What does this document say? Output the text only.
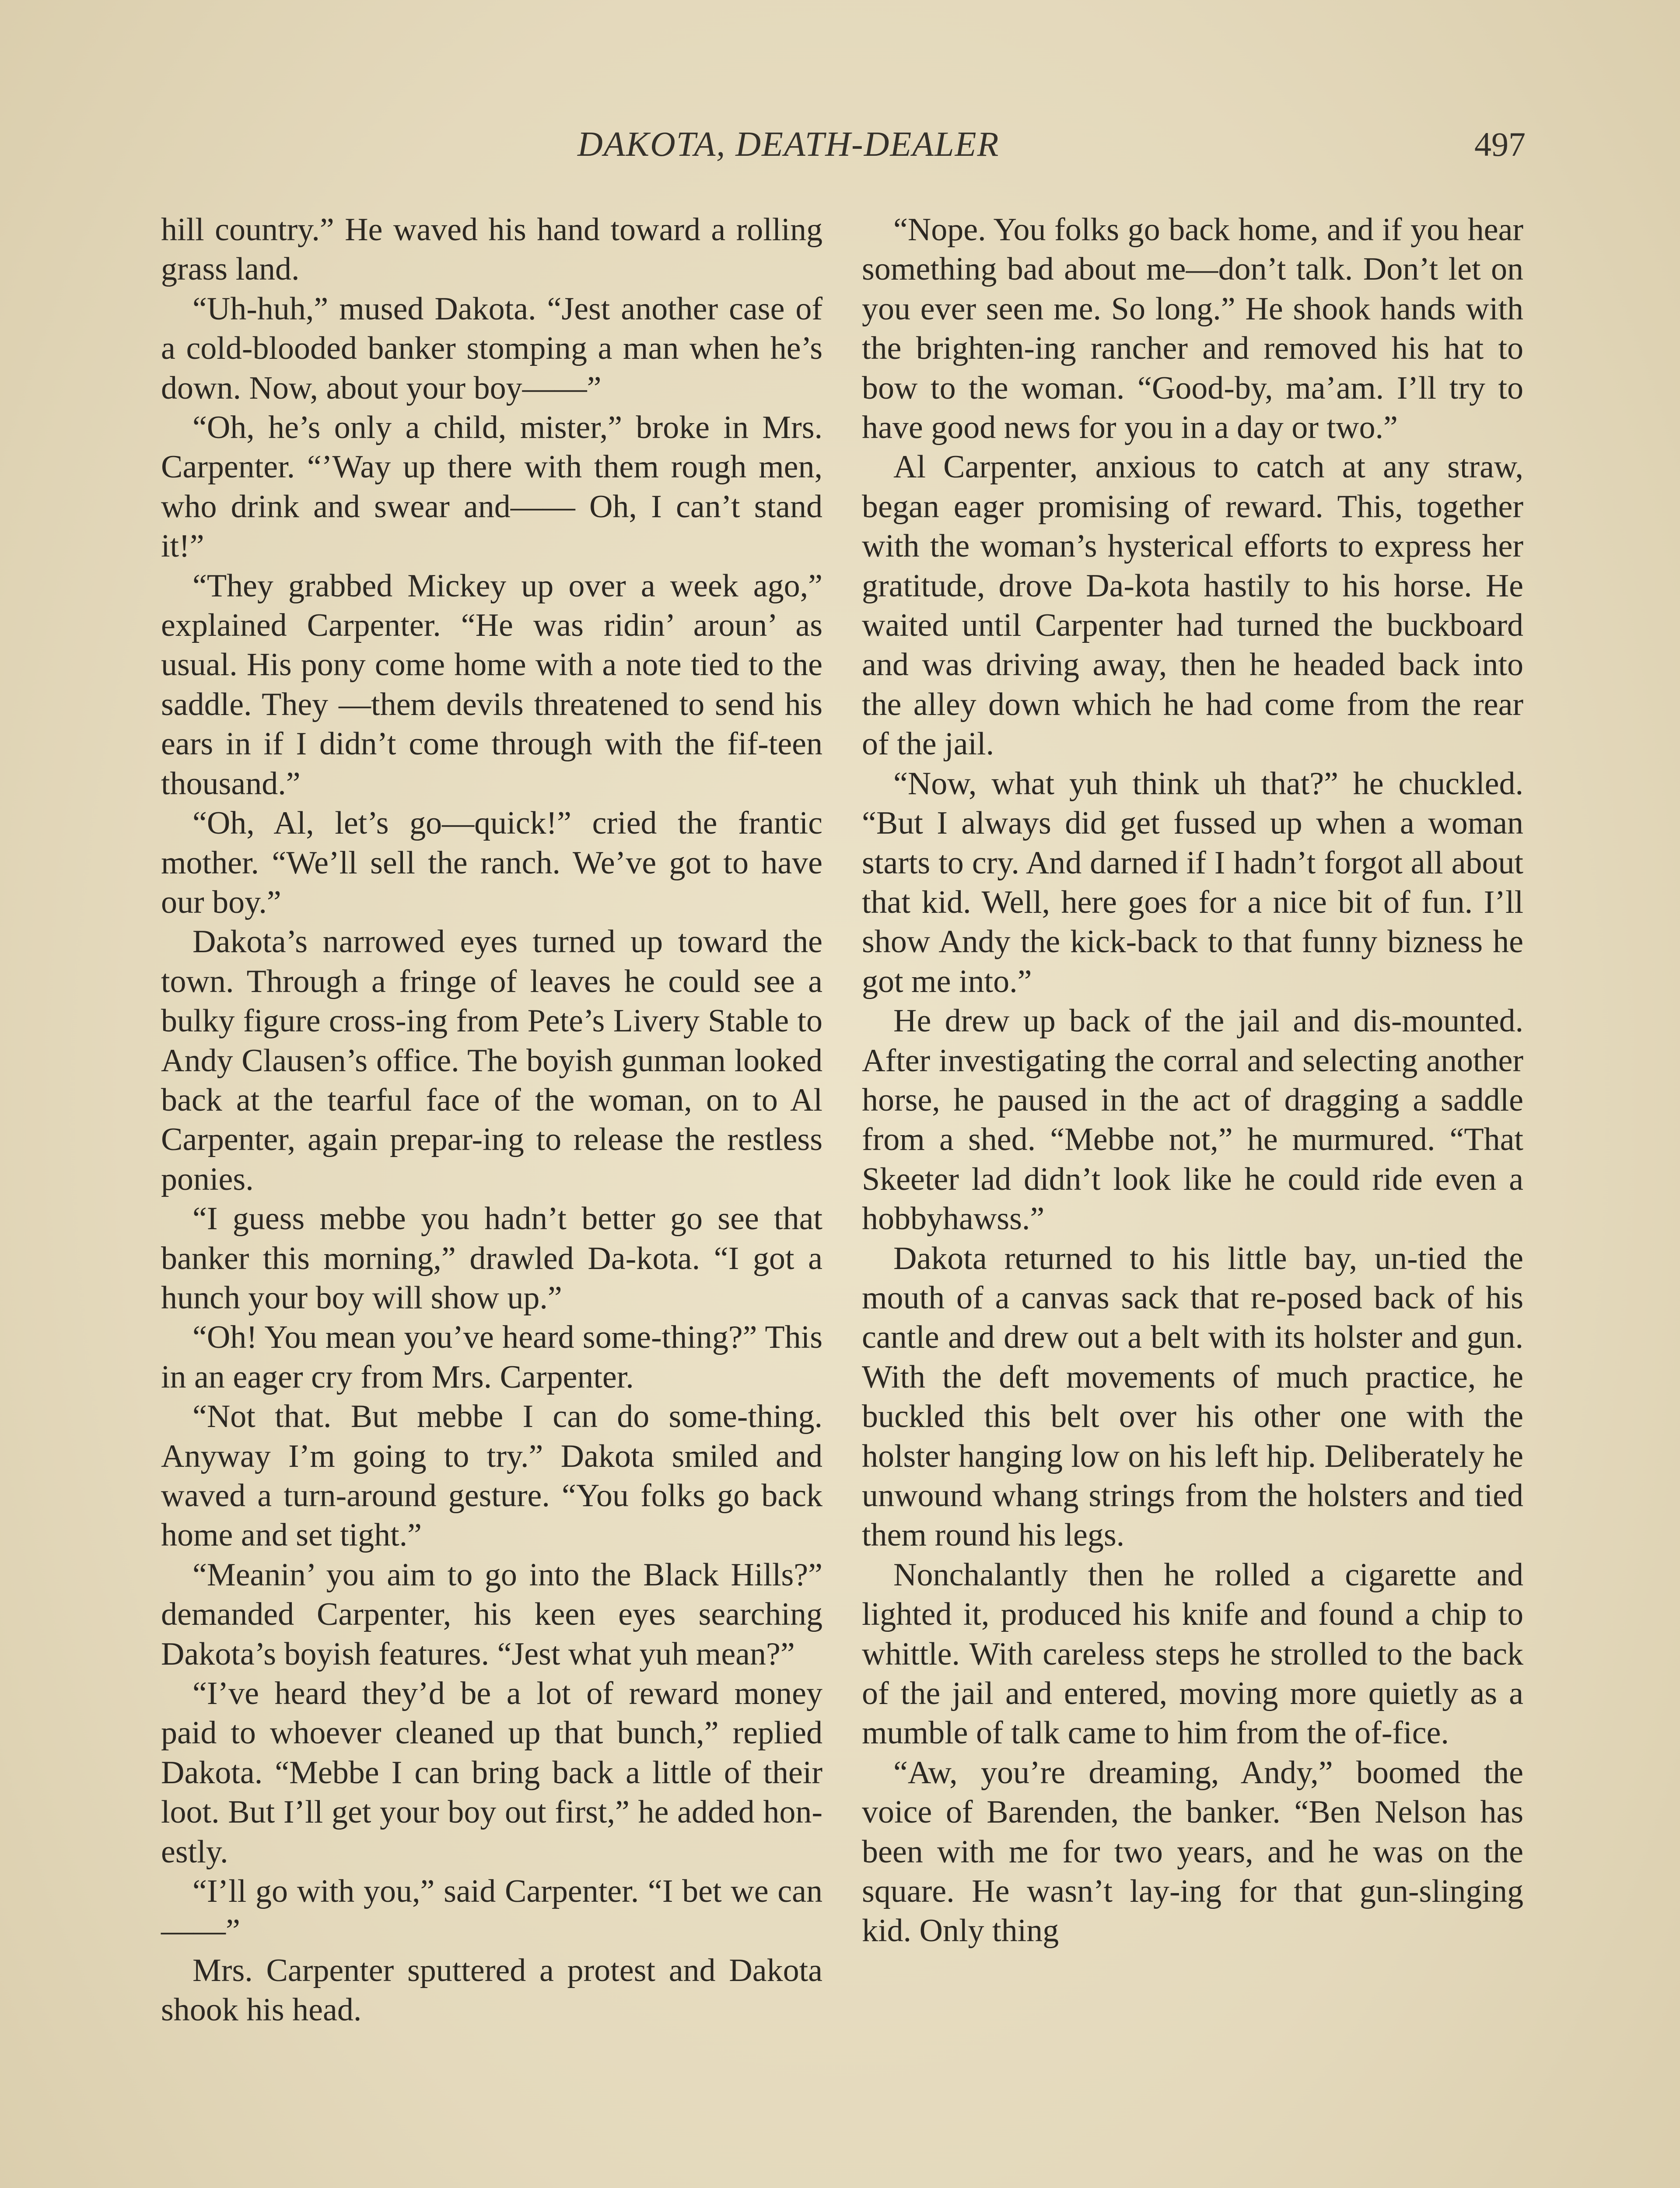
DAKOTA, DEATH-DEALER	497

hill country.” He waved his hand toward a rolling grass land.

“Uh-huh,” mused Dakota. “Jest another case of a cold-blooded banker stomping a man when he’s down. Now, about your boy——”

“Oh, he’s only a child, mister,” broke in Mrs. Carpenter. “’Way up there with them rough men, who drink and swear and—— Oh, I can’t stand it!”

“They grabbed Mickey up over a week ago,” explained Carpenter. “He was ridin’ aroun’ as usual. His pony come home with a note tied to the saddle. They —them devils threatened to send his ears in if I didn’t come through with the fif-teen thousand.”

“Oh, Al, let’s go—quick!” cried the frantic mother. “We’ll sell the ranch. We’ve got to have our boy.”

Dakota’s narrowed eyes turned up toward the town. Through a fringe of leaves he could see a bulky figure cross-ing from Pete’s Livery Stable to Andy Clausen’s office. The boyish gunman looked back at the tearful face of the woman, on to Al Carpenter, again prepar-ing to release the restless ponies.

“I guess mebbe you hadn’t better go see that banker this morning,” drawled Da-kota. “I got a hunch your boy will show up.”

“Oh! You mean you’ve heard some-thing?” This in an eager cry from Mrs. Carpenter.

“Not that. But mebbe I can do some-thing. Anyway I’m going to try.” Dakota smiled and waved a turn-around gesture. “You folks go back home and set tight.”

“Meanin’ you aim to go into the Black Hills?” demanded Carpenter, his keen eyes searching Dakota’s boyish features. “Jest what yuh mean?”

“I’ve heard they’d be a lot of reward money paid to whoever cleaned up that bunch,” replied Dakota. “Mebbe I can bring back a little of their loot. But I’ll get your boy out first,” he added hon-estly.

“I’ll go with you,” said Carpenter. “I bet we can——”

Mrs. Carpenter sputtered a protest and Dakota shook his head.

“Nope. You folks go back home, and if you hear something bad about me—don’t talk. Don’t let on you ever seen me. So long.” He shook hands with the brighten-ing rancher and removed his hat to bow to the woman. “Good-by, ma’am. I’ll try to have good news for you in a day or two.”

Al Carpenter, anxious to catch at any straw, began eager promising of reward. This, together with the woman’s hysterical efforts to express her gratitude, drove Da-kota hastily to his horse. He waited until Carpenter had turned the buckboard and was driving away, then he headed back into the alley down which he had come from the rear of the jail.

“Now, what yuh think uh that?” he chuckled. “But I always did get fussed up when a woman starts to cry. And darned if I hadn’t forgot all about that kid. Well, here goes for a nice bit of fun. I’ll show Andy the kick-back to that funny bizness he got me into.”

He drew up back of the jail and dis-mounted. After investigating the corral and selecting another horse, he paused in the act of dragging a saddle from a shed. “Mebbe not,” he murmured. “That Skeeter lad didn’t look like he could ride even a hobbyhawss.”

Dakota returned to his little bay, un-tied the mouth of a canvas sack that re-posed back of his cantle and drew out a belt with its holster and gun. With the deft movements of much practice, he buckled this belt over his other one with the holster hanging low on his left hip. Deliberately he unwound whang strings from the holsters and tied them round his legs.

Nonchalantly then he rolled a cigarette and lighted it, produced his knife and found a chip to whittle. With careless steps he strolled to the back of the jail and entered, moving more quietly as a mumble of talk came to him from the of-fice.

“Aw, you’re dreaming, Andy,” boomed the voice of Barenden, the banker. “Ben Nelson has been with me for two years, and he was on the square. He wasn’t lay-ing for that gun-slinging kid. Only thing
